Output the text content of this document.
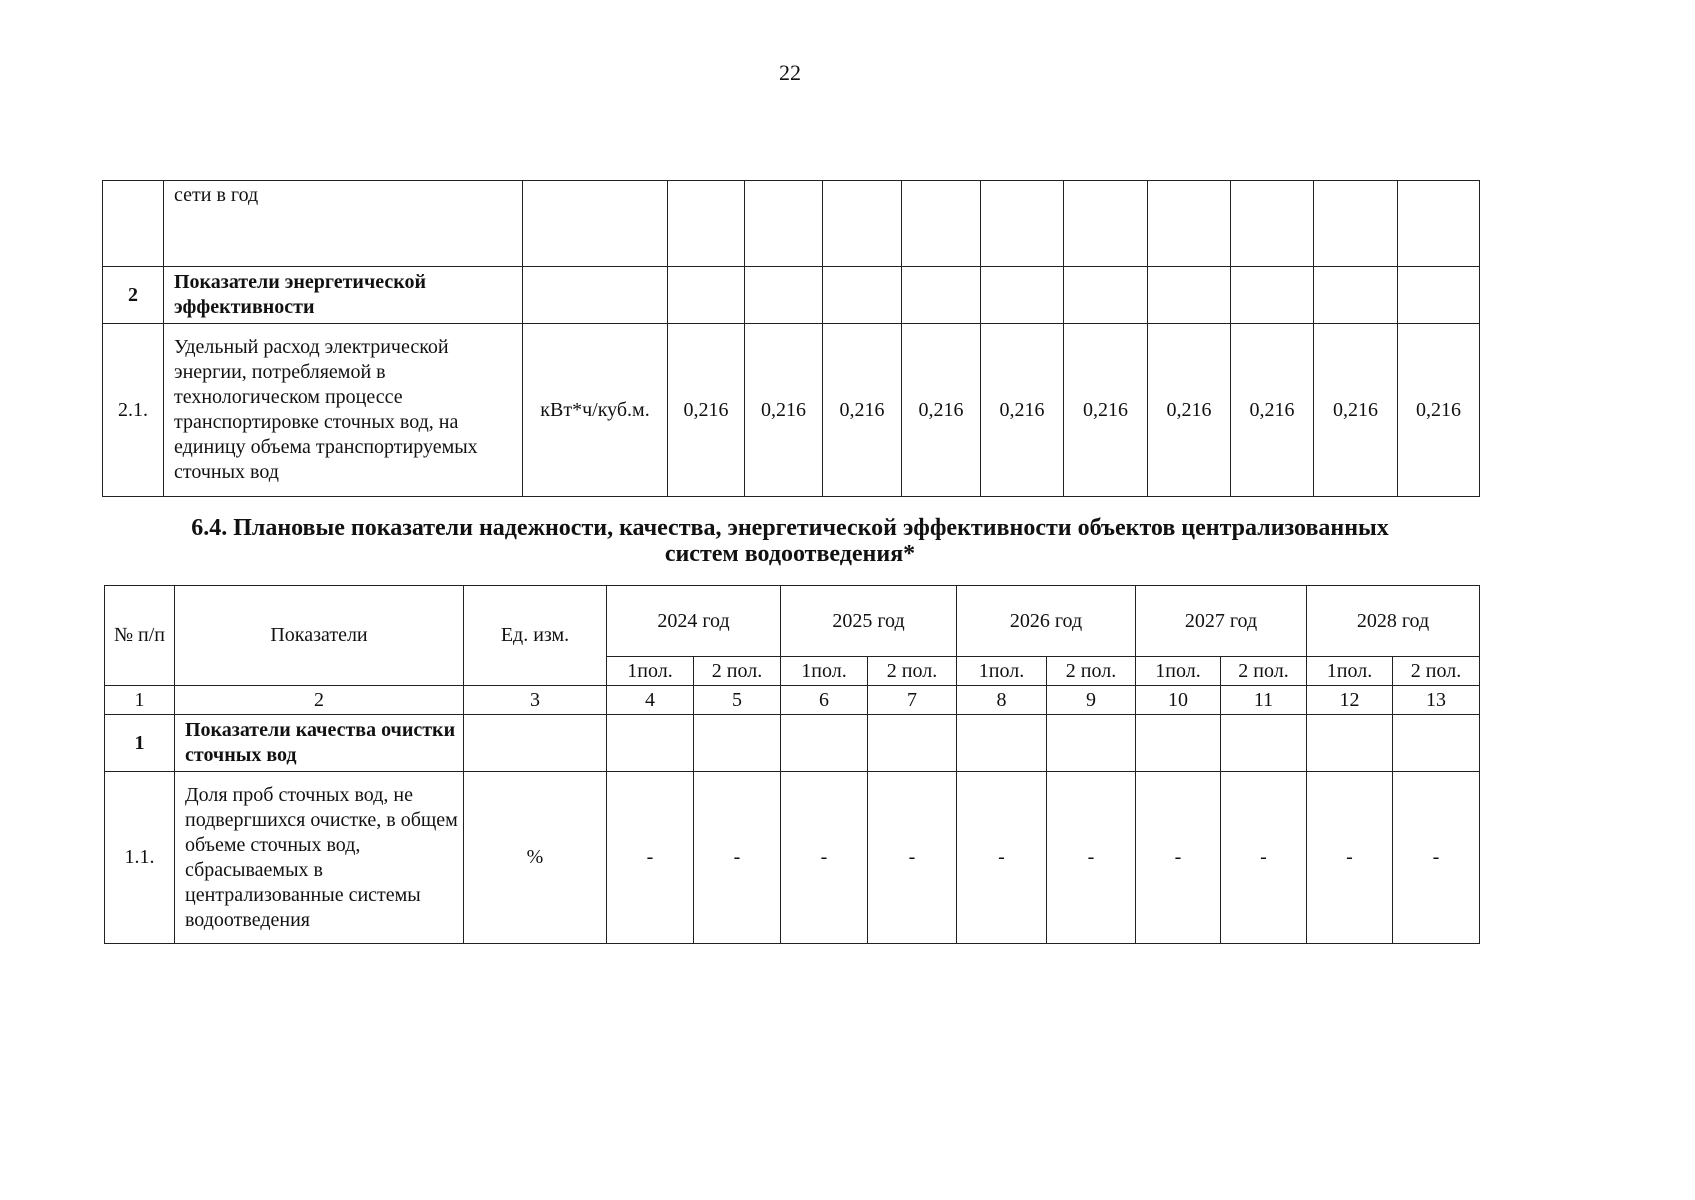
22
	сети в год											
2	Показатели энергетической эффективности											
2.1.	Удельный расход электрической энергии, потребляемой в технологическом процессе транспортировке сточных вод, на единицу объема транспортируемых сточных вод	кВт*ч/куб.м.	0,216	0,216	0,216	0,216	0,216	0,216	0,216	0,216	0,216	0,216
6.4. Плановые показатели надежности, качества, энергетической эффективности объектов централизованных
систем водоотведения*
№ п/п	Показатели	Ед. изм.	2024 год		2025 год		2026 год		2027 год		2028 год	
			1пол.	2 пол.	1пол.	2 пол.	1пол.	2 пол.	1пол.	2 пол.	1пол.	2 пол.
1	2	3	4	5	6	7	8	9	10	11	12	13
1	Показатели качества очистки сточных вод											
1.1.	Доля проб сточных вод, не подвергшихся очистке, в общем объеме сточных вод, сбрасываемых в централизованные системы водоотведения	%	-	-	-	-	-	-	-	-	-	-
